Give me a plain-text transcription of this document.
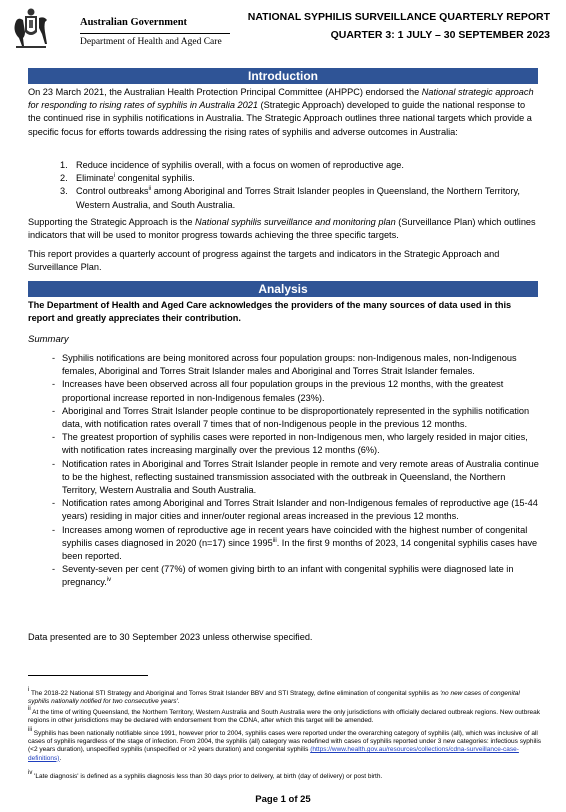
Australian Government
Department of Health and Aged Care
NATIONAL SYPHILIS SURVEILLANCE QUARTERLY REPORT
QUARTER 3: 1 JULY – 30 SEPTEMBER 2023
Introduction

On 23 March 2021, the Australian Health Protection Principal Committee (AHPPC) endorsed the National strategic approach for responding to rising rates of syphilis in Australia 2021 (Strategic Approach) developed to guide the national response to the continued rise in syphilis notifications in Australia. The Strategic Approach outlines three national targets which provide a specific focus for efforts towards addressing the rising rates of syphilis and adverse outcomes in Australia:

1. Reduce incidence of syphilis overall, with a focus on women of reproductive age.
2. Eliminate$^i$ congenital syphilis.
3. Control outbreaks$^{ii}$ among Aboriginal and Torres Strait Islander peoples in Queensland, the Northern Territory, Western Australia, and South Australia.

Supporting the Strategic Approach is the National syphilis surveillance and monitoring plan (Surveillance Plan) which outlines indicators that will be used to monitor progress towards achieving the three specific targets.

This report provides a quarterly account of progress against the targets and indicators in the Strategic Approach and Surveillance Plan.

Analysis

The Department of Health and Aged Care acknowledges the providers of the many sources of data used in this report and greatly appreciates their contribution.

Summary
- Syphilis notifications are being monitored across four population groups: non-Indigenous males, non-Indigenous females, Aboriginal and Torres Strait Islander males and Aboriginal and Torres Strait Islander females.
- Increases have been observed across all four population groups in the previous 12 months, with the greatest proportional increase reported in non-Indigenous females (23%).
- Aboriginal and Torres Strait Islander people continue to be disproportionately represented in the syphilis notification data, with notification rates overall 7 times that of non-Indigenous people in the previous 12 months.
- The greatest proportion of syphilis cases were reported in non-Indigenous men, who largely resided in major cities, with notification rates increasing marginally over the previous 12 months (6%).
- Notification rates in Aboriginal and Torres Strait Islander people in remote and very remote areas of Australia continue to be the highest, reflecting sustained transmission associated with the outbreak in Queensland, the Northern Territory, Western Australia and South Australia.
- Notification rates among Aboriginal and Torres Strait Islander and non-Indigenous females of reproductive age (15-44 years) residing in major cities and inner/outer regional areas increased in the previous 12 months.
- Increases among women of reproductive age in recent years have coincided with the highest number of congenital syphilis cases diagnosed in 2020 (n=17) since 1995$^{iii}$. In the first 9 months of 2023, 14 congenital syphilis cases have been reported.
- Seventy-seven per cent (77%) of women giving birth to an infant with congenital syphilis were diagnosed late in pregnancy.$^{iv}$

Data presented are to 30 September 2023 unless otherwise specified.

$^i$ The 2018-22 National STI Strategy and Aboriginal and Torres Strait Islander BBV and STI Strategy, define elimination of congenital syphilis as 'no new cases of congenital syphilis nationally notified for two consecutive years'.

$^{ii}$ At the time of writing Queensland, the Northern Territory, Western Australia and South Australia were the only jurisdictions with officially declared outbreak regions. New outbreak regions in other jurisdictions may be declared with endorsement from the CDNA, after which this target will be amended.

$^{iii}$ Syphilis has been nationally notifiable since 1991, however prior to 2004, syphilis cases were reported under the overarching category of syphilis (all), which was inclusive of all cases of syphilis regardless of the stage of infection. From 2004, the syphilis (all) category was redefined with cases of syphilis reported under 3 new categories: infectious syphilis (<2 years duration), unspecified syphilis (unspecified or >2 years duration) and congenital syphilis (https://www.health.gov.au/resources/collections/cdna-surveillance-case-definitions).

$^{iv}$ 'Late diagnosis' is defined as a syphilis diagnosis less than 30 days prior to delivery, at birth (day of delivery) or post birth.

Page 1 of 25
